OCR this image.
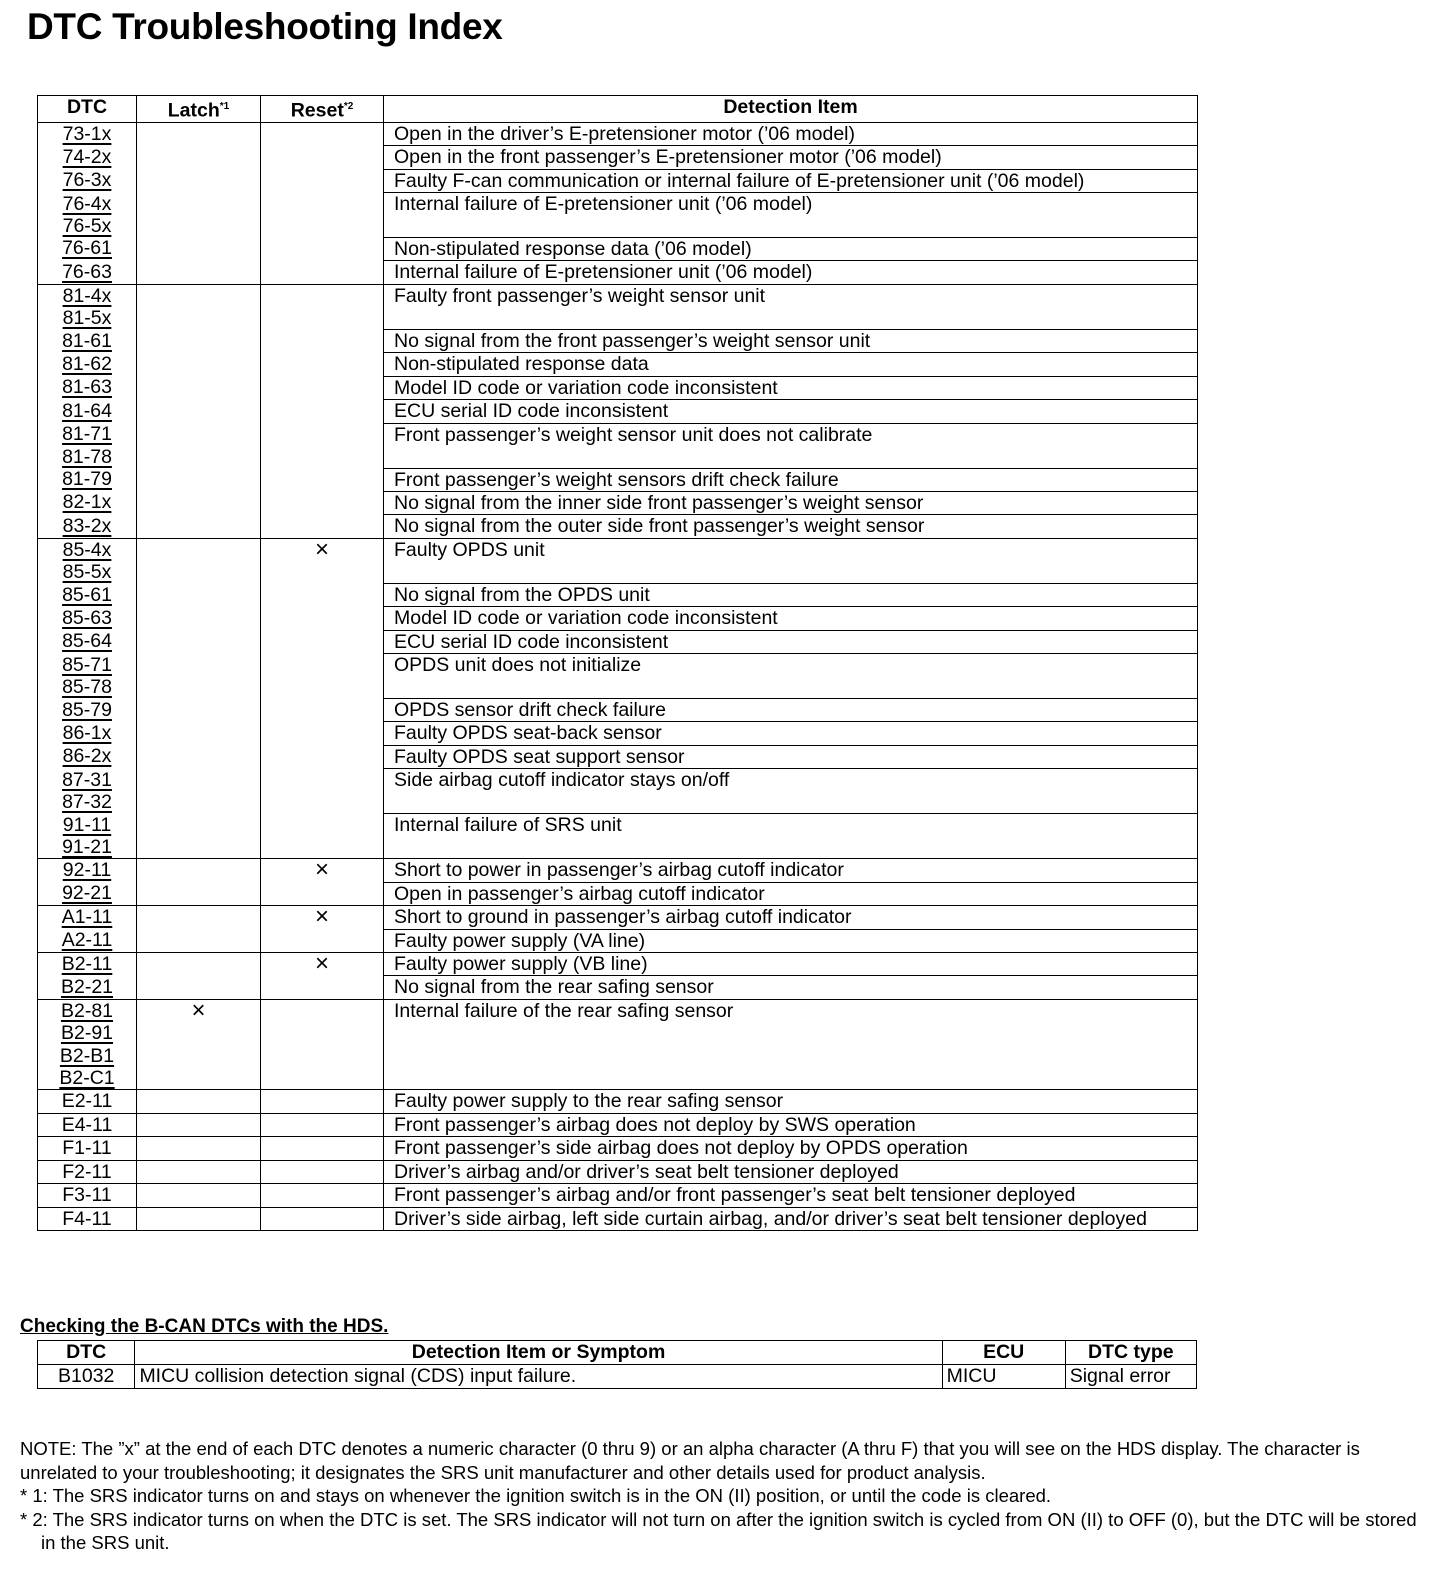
DTC Troubleshooting Index
DTC	Latch$^{*1}$	Reset$^{*2}$	Detection Item
73-1x			Open in the driver’s E-pretensioner motor (’06 model)
74-2x			Open in the front passenger’s E-pretensioner motor (’06 model)
76-3x			Faulty F-can communication or internal failure of E-pretensioner unit (’06 model)
76-4x			Internal failure of E-pretensioner unit (’06 model)
76-5x			
76-61			Non-stipulated response data (’06 model)
76-63			Internal failure of E-pretensioner unit (’06 model)
81-4x			Faulty front passenger’s weight sensor unit
81-5x			
81-61			No signal from the front passenger’s weight sensor unit
81-62			Non-stipulated response data
81-63			Model ID code or variation code inconsistent
81-64			ECU serial ID code inconsistent
81-71			Front passenger’s weight sensor unit does not calibrate
81-78			
81-79			Front passenger’s weight sensors drift check failure
82-1x			No signal from the inner side front passenger’s weight sensor
83-2x			No signal from the outer side front passenger’s weight sensor
85-4x		×	Faulty OPDS unit
85-5x			
85-61			No signal from the OPDS unit
85-63			Model ID code or variation code inconsistent
85-64			ECU serial ID code inconsistent
85-71			OPDS unit does not initialize
85-78			
85-79			OPDS sensor drift check failure
86-1x			Faulty OPDS seat-back sensor
86-2x			Faulty OPDS seat support sensor
87-31			Side airbag cutoff indicator stays on/off
87-32			
91-11			Internal failure of SRS unit
91-21			
92-11		×	Short to power in passenger’s airbag cutoff indicator
92-21			Open in passenger’s airbag cutoff indicator
A1-11		×	Short to ground in passenger’s airbag cutoff indicator
A2-11			Faulty power supply (VA line)
B2-11		×	Faulty power supply (VB line)
B2-21			No signal from the rear safing sensor
B2-81	×		Internal failure of the rear safing sensor
B2-91			
B2-B1			
B2-C1			
E2-11			Faulty power supply to the rear safing sensor
E4-11			Front passenger’s airbag does not deploy by SWS operation
F1-11			Front passenger’s side airbag does not deploy by OPDS operation
F2-11			Driver’s airbag and/or driver’s seat belt tensioner deployed
F3-11			Front passenger’s airbag and/or front passenger’s seat belt tensioner deployed
F4-11			Driver’s side airbag, left side curtain airbag, and/or driver’s seat belt tensioner deployed
Checking the B-CAN DTCs with the HDS.
DTC	Detection Item or Symptom	ECU	DTC type
B1032	MICU collision detection signal (CDS) input failure.	MICU	Signal error

NOTE: The ”x” at the end of each DTC denotes a numeric character (0 thru 9) or an alpha character (A thru F) that you will see on the HDS display. The character is unrelated to your troubleshooting; it designates the SRS unit manufacturer and other details used for product analysis.

* 1: The SRS indicator turns on and stays on whenever the ignition switch is in the ON (II) position, or until the code is cleared.

* 2: The SRS indicator turns on when the DTC is set. The SRS indicator will not turn on after the ignition switch is cycled from ON (II) to OFF (0), but the DTC will be stored in the SRS unit.
